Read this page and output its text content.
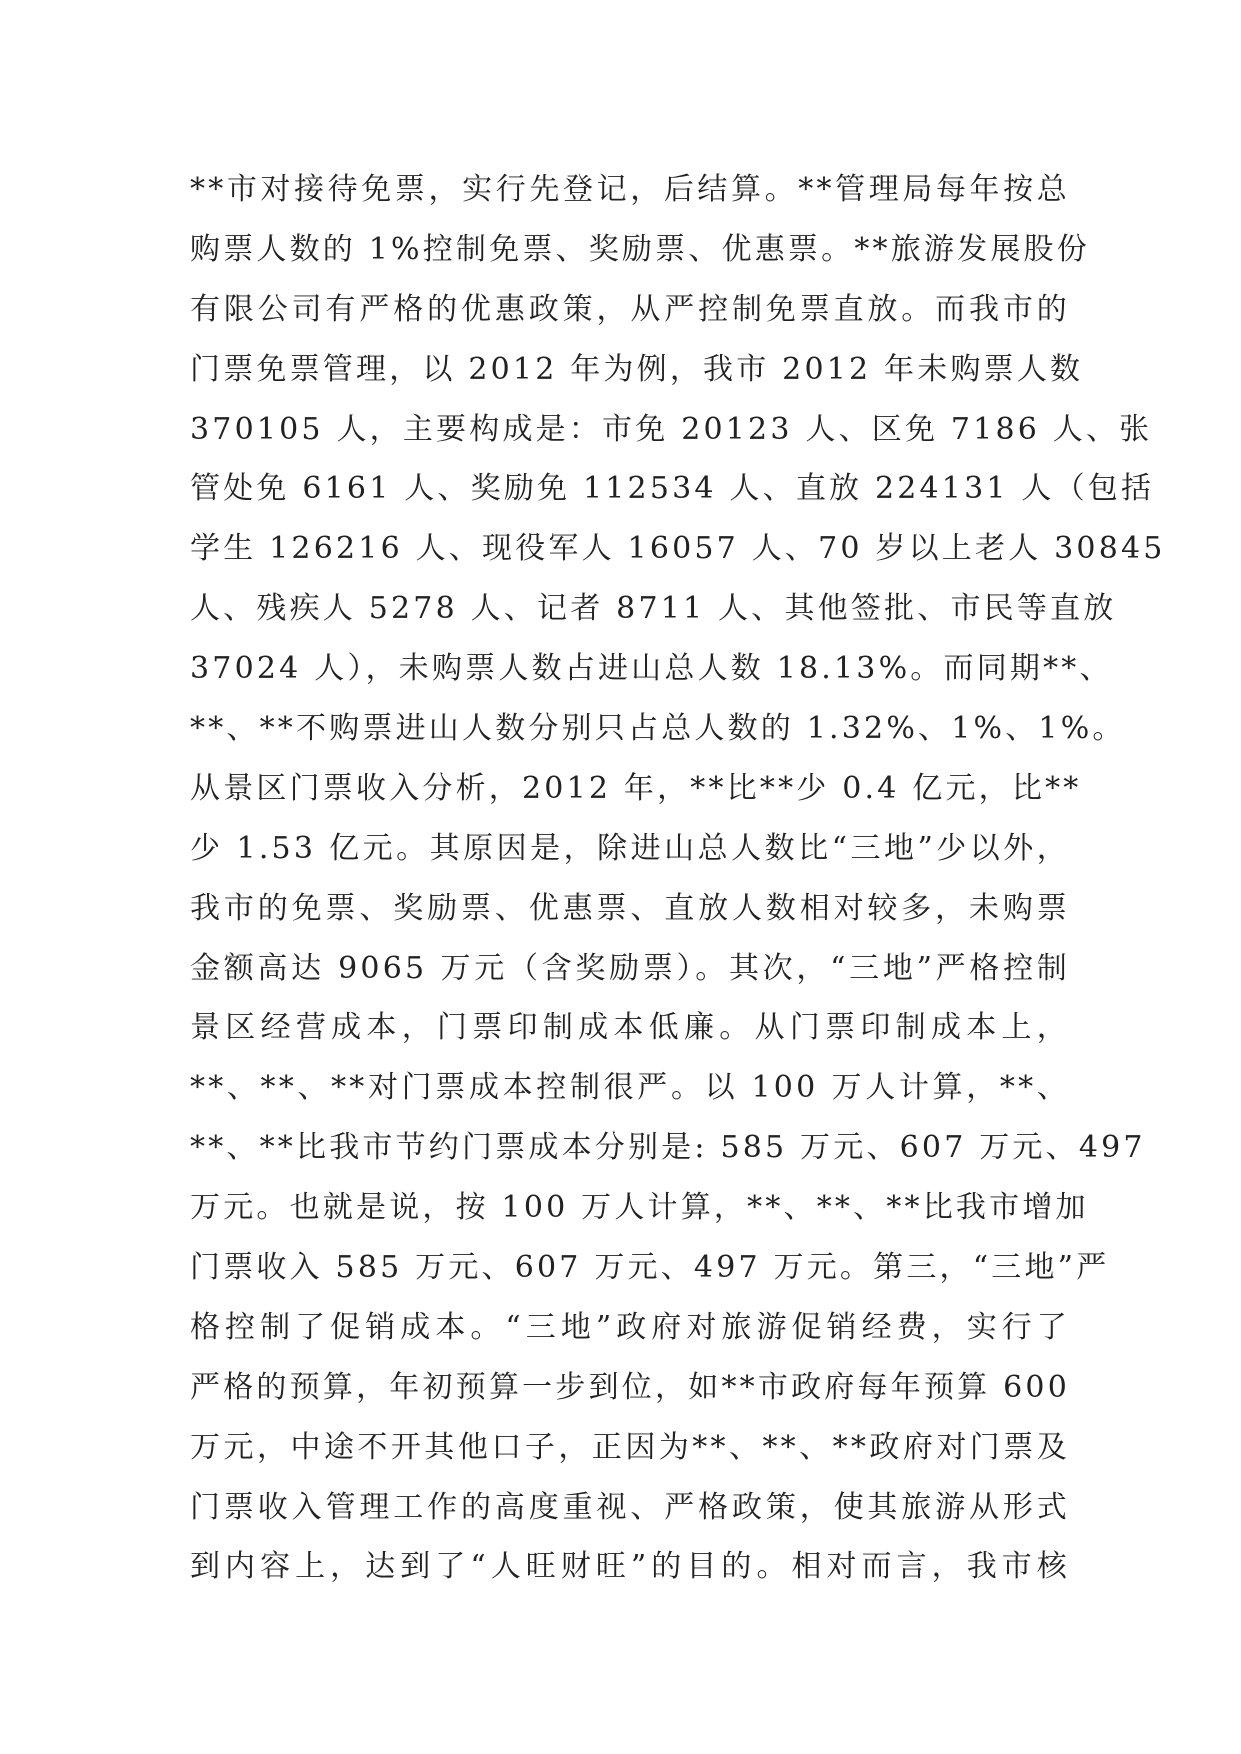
**市对接待免票，实行先登记，后结算。**管理局每年按总
购票人数的 1%控制免票、奖励票、优惠票。**旅游发展股份
有限公司有严格的优惠政策，从严控制免票直放。而我市的
门票免票管理，以 2012 年为例，我市 2012 年未购票人数
370105 人，主要构成是：市免 20123 人、区免 7186 人、张
管处免 6161 人、奖励免 112534 人、直放 224131 人（包括
学生 126216 人、现役军人 16057 人、70 岁以上老人 30845
人、残疾人 5278 人、记者 8711 人、其他签批、市民等直放
37024 人），未购票人数占进山总人数 18.13%。而同期**、
**、**不购票进山人数分别只占总人数的 1.32%、1%、1%。
从景区门票收入分析，2012 年，**比**少 0.4 亿元，比**
少 1.53 亿元。其原因是，除进山总人数比“三地”少以外，
我市的免票、奖励票、优惠票、直放人数相对较多，未购票
金额高达 9065 万元（含奖励票）。其次，“三地”严格控制
景区经营成本，门票印制成本低廉。从门票印制成本上，
**、**、**对门票成本控制很严。以 100 万人计算，**、
**、**比我市节约门票成本分别是: 585 万元、607 万元、497
万元。也就是说，按 100 万人计算，**、**、**比我市增加
门票收入 585 万元、607 万元、497 万元。第三，“三地”严
格控制了促销成本。“三地”政府对旅游促销经费，实行了
严格的预算，年初预算一步到位，如**市政府每年预算 600
万元，中途不开其他口子，正因为**、**、**政府对门票及
门票收入管理工作的高度重视、严格政策，使其旅游从形式
到内容上，达到了“人旺财旺”的目的。相对而言，我市核
